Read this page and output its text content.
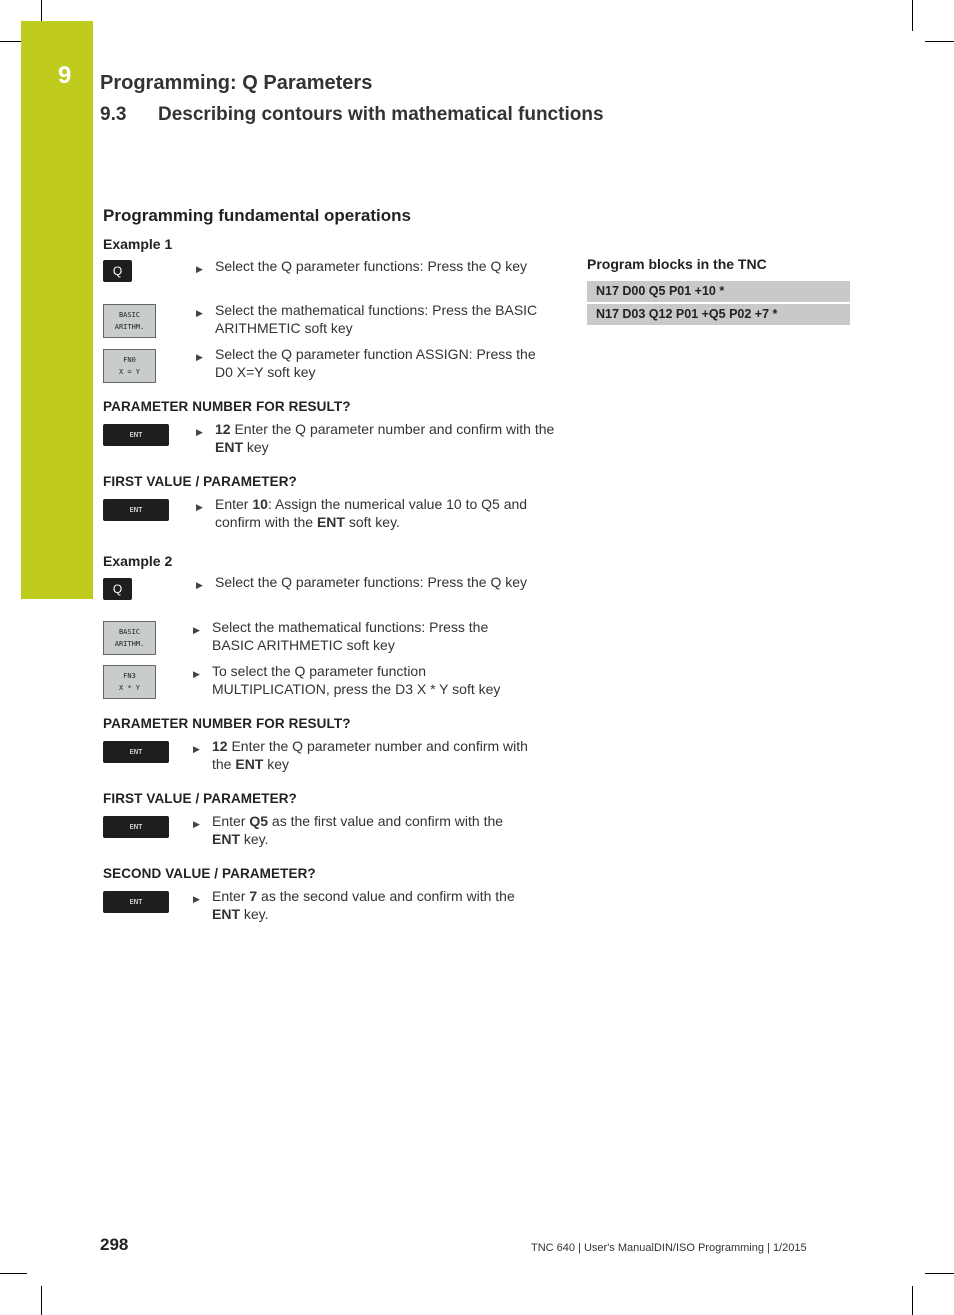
9 Programming: Q Parameters
9.3 Describing contours with mathematical functions
Programming fundamental operations
Example 1
Q	▶ Select the Q parameter functions: Press the Q key
BASIC
ARITHM.
▶ Select the mathematical functions: Press the BASIC ARITHMETIC soft key
FN0
X = Y
▶ Select the Q parameter function ASSIGN: Press the D0 X=Y soft key
PARAMETER NUMBER FOR RESULT?
ENT	▶ 12 Enter the Q parameter number and confirm with the ENT key
FIRST VALUE / PARAMETER?
ENT	▶ Enter 10: Assign the numerical value 10 to Q5 and confirm with the ENT soft key.
Example 2
Q	▶ Select the Q parameter functions: Press the Q key
BASIC
ARITHM.
▶ Select the mathematical functions: Press the BASIC ARITHMETIC soft key
FN3
X * Y
▶ To select the Q parameter function MULTIPLICATION, press the D3 X * Y soft key
PARAMETER NUMBER FOR RESULT?
ENT	▶ 12 Enter the Q parameter number and confirm with the ENT key
FIRST VALUE / PARAMETER?
ENT	▶ Enter Q5 as the first value and confirm with the ENT key.
SECOND VALUE / PARAMETER?
ENT	▶ Enter 7 as the second value and confirm with the ENT key.
Program blocks in the TNC
N17 D00 Q5 P01 +10 *
N17 D03 Q12 P01 +Q5 P02 +7 *
298	TNC 640 | User's ManualDIN/ISO Programming | 1/2015
